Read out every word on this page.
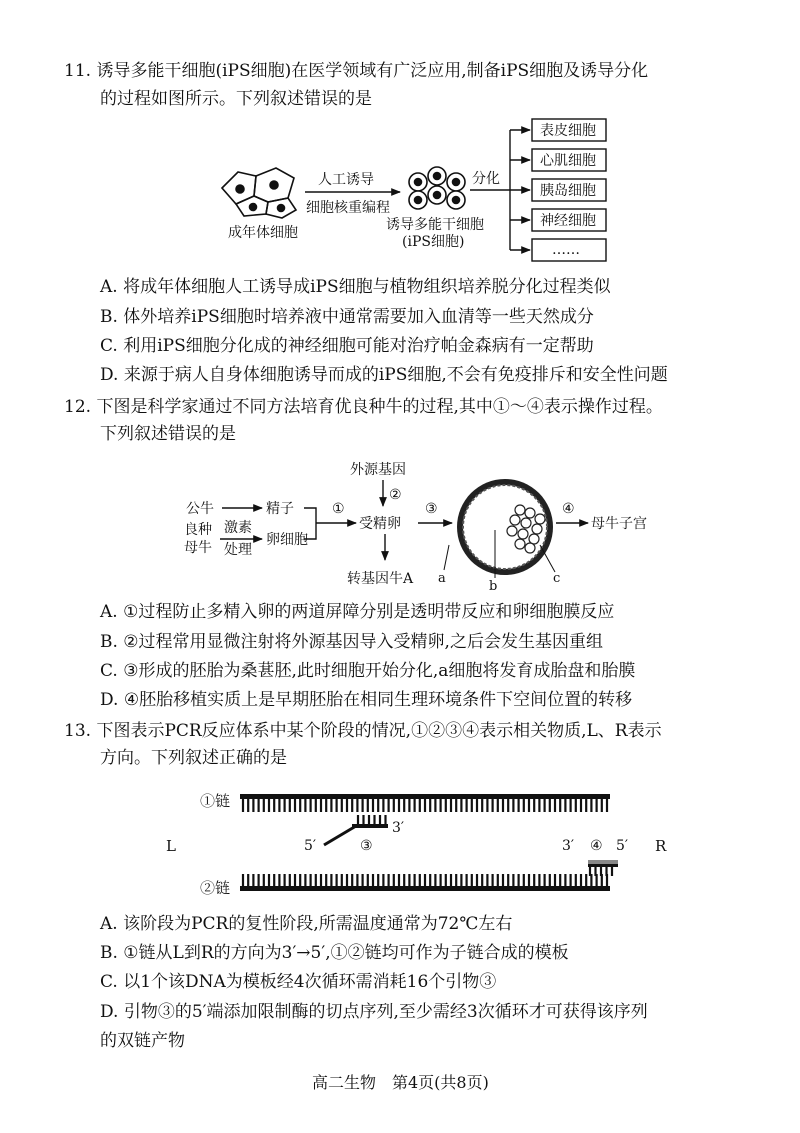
11. 诱导多能干细胞(iPS细胞)在医学领域有广泛应用,制备iPS细胞及诱导分化
的过程如图所示。下列叙述错误的是
成年体细胞
人工诱导
细胞核重编程
诱导多能干细胞
(iPS细胞)
分化
表皮细胞
心肌细胞
胰岛细胞
神经细胞
……
外源基因
②
公牛	精子
良种
母牛
激素
处理
卵细胞
①
受精卵
转基因牛A
③
a
b
c
④
母牛子宫
①链
L	R
5′
3′
③	3′ ④ 5′
②链
A. 将成年体细胞人工诱导成iPS细胞与植物组织培养脱分化过程类似
B. 体外培养iPS细胞时培养液中通常需要加入血清等一些天然成分
C. 利用iPS细胞分化成的神经细胞可能对治疗帕金森病有一定帮助
D. 来源于病人自身体细胞诱导而成的iPS细胞,不会有免疫排斥和安全性问题
12. 下图是科学家通过不同方法培育优良种牛的过程,其中①～④表示操作过程。
下列叙述错误的是
A. ①过程防止多精入卵的两道屏障分别是透明带反应和卵细胞膜反应
B. ②过程常用显微注射将外源基因导入受精卵,之后会发生基因重组
C. ③形成的胚胎为桑葚胚,此时细胞开始分化,a细胞将发育成胎盘和胎膜
D. ④胚胎移植实质上是早期胚胎在相同生理环境条件下空间位置的转移
13. 下图表示PCR反应体系中某个阶段的情况,①②③④表示相关物质,L、R表示
方向。下列叙述正确的是
A. 该阶段为PCR的复性阶段,所需温度通常为72℃左右
B. ①链从L到R的方向为3′→5′,①②链均可作为子链合成的模板
C. 以1个该DNA为模板经4次循环需消耗16个引物③
D. 引物③的5′端添加限制酶的切点序列,至少需经3次循环才可获得该序列
的双链产物
高二生物　第4页(共8页)
